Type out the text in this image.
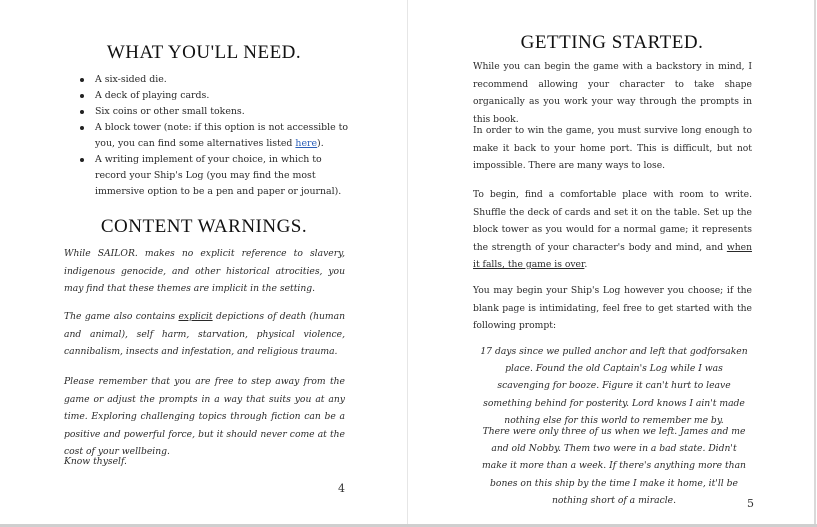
WHAT YOU'LL NEED.
A six-sided die.
A deck of playing cards.
Six coins or other small tokens.
A block tower (note: if this option is not accessible to you, you can find some alternatives listed here).
A writing implement of your choice, in which to record your Ship's Log (you may find the most immersive option to be a pen and paper or journal).
CONTENT WARNINGS.

While SAILOR. makes no explicit reference to slavery, indigenous genocide, and other historical atrocities, you may find that these themes are implicit in the setting.

The game also contains explicit depictions of death (human and animal), self harm, starvation, physical violence, cannibalism, insects and infestation, and religious trauma.

Please remember that you are free to step away from the game or adjust the prompts in a way that suits you at any time. Exploring challenging topics through fiction can be a positive and powerful force, but it should never come at the cost of your wellbeing.

Know thyself.

4
GETTING STARTED.

While you can begin the game with a backstory in mind, I recommend allowing your character to take shape organically as you work your way through the prompts in this book.

In order to win the game, you must survive long enough to make it back to your home port. This is difficult, but not impossible. There are many ways to lose.

To begin, find a comfortable place with room to write. Shuffle the deck of cards and set it on the table. Set up the block tower as you would for a normal game; it represents the strength of your character's body and mind, and when it falls, the game is over.

You may begin your Ship's Log however you choose; if the blank page is intimidating, feel free to get started with the following prompt:

17 days since we pulled anchor and left that godforsaken place. Found the old Captain's Log while I was scavenging for booze. Figure it can't hurt to leave something behind for posterity. Lord knows I ain't made nothing else for this world to remember me by.

There were only three of us when we left. James and me and old Nobby. Them two were in a bad state. Didn't make it more than a week. If there's anything more than bones on this ship by the time I make it home, it'll be nothing short of a miracle.	5
